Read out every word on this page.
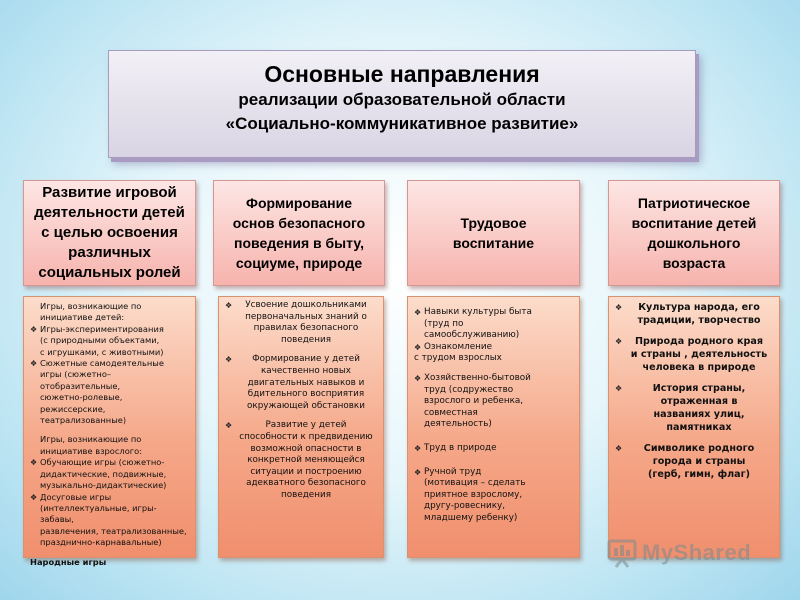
Основные направления
реализации образовательной области
«Социально-коммуникативное развитие»
Развитие игровой
деятельности детей
с целью освоения
различных
социальных ролей
Формирование
основ безопасного
поведения в быту,
социуме, природе
Трудовое
воспитание
Патриотическое
воспитание детей
дошкольного
возраста
Игры, возникающие по
инициативе детей:
❖ Игры-экспериментирования
(с природными объектами,
с игрушками, с животными)
❖ Сюжетные самодеятельные
игры (сюжетно–отобразительные,
сюжетно-ролевые,
режиссерские, театрализованные)
Игры, возникающие по
инициативе взрослого:
❖ Обучающие игры (сюжетно-
дидактические, подвижные,
музыкально-дидактические)
❖ Досуговые игры
(интеллектуальные, игры-забавы,
развлечения, театрализованные,
праздничнo-карнавальные)
Народные игры
❖	Усвоение дошкольниками
первоначальных знаний о
правилах безопасного
поведения
❖	Формирование у детей
качественно новых
двигательных навыков и
бдительного восприятия
окружающей обстановки
❖	Развитие у детей
способности к предвидению
возможной опасности в
конкретной меняющейся
ситуации и построению
адекватного безопасного
поведения
❖ Навыки культуры быта
(труд по
самообслуживанию)
❖ Ознакомление
с трудом взрослых
❖ Хозяйственно-бытовой
труд (содружество
взрослого и ребенка,
совместная
деятельность)
❖ Труд в природе
❖ Ручной труд
(мотивация – сделать
приятное взрослому,
другу-ровеснику,
младшему ребенку)
❖	Культура народа, его
традиции, творчество
❖	Природа родного края
и страны , деятельность
человека в природе
❖	История страны,
отраженная в
названиях улиц,
памятниках
❖	Символике родного
города и страны
(герб, гимн, флаг)
MyShared
